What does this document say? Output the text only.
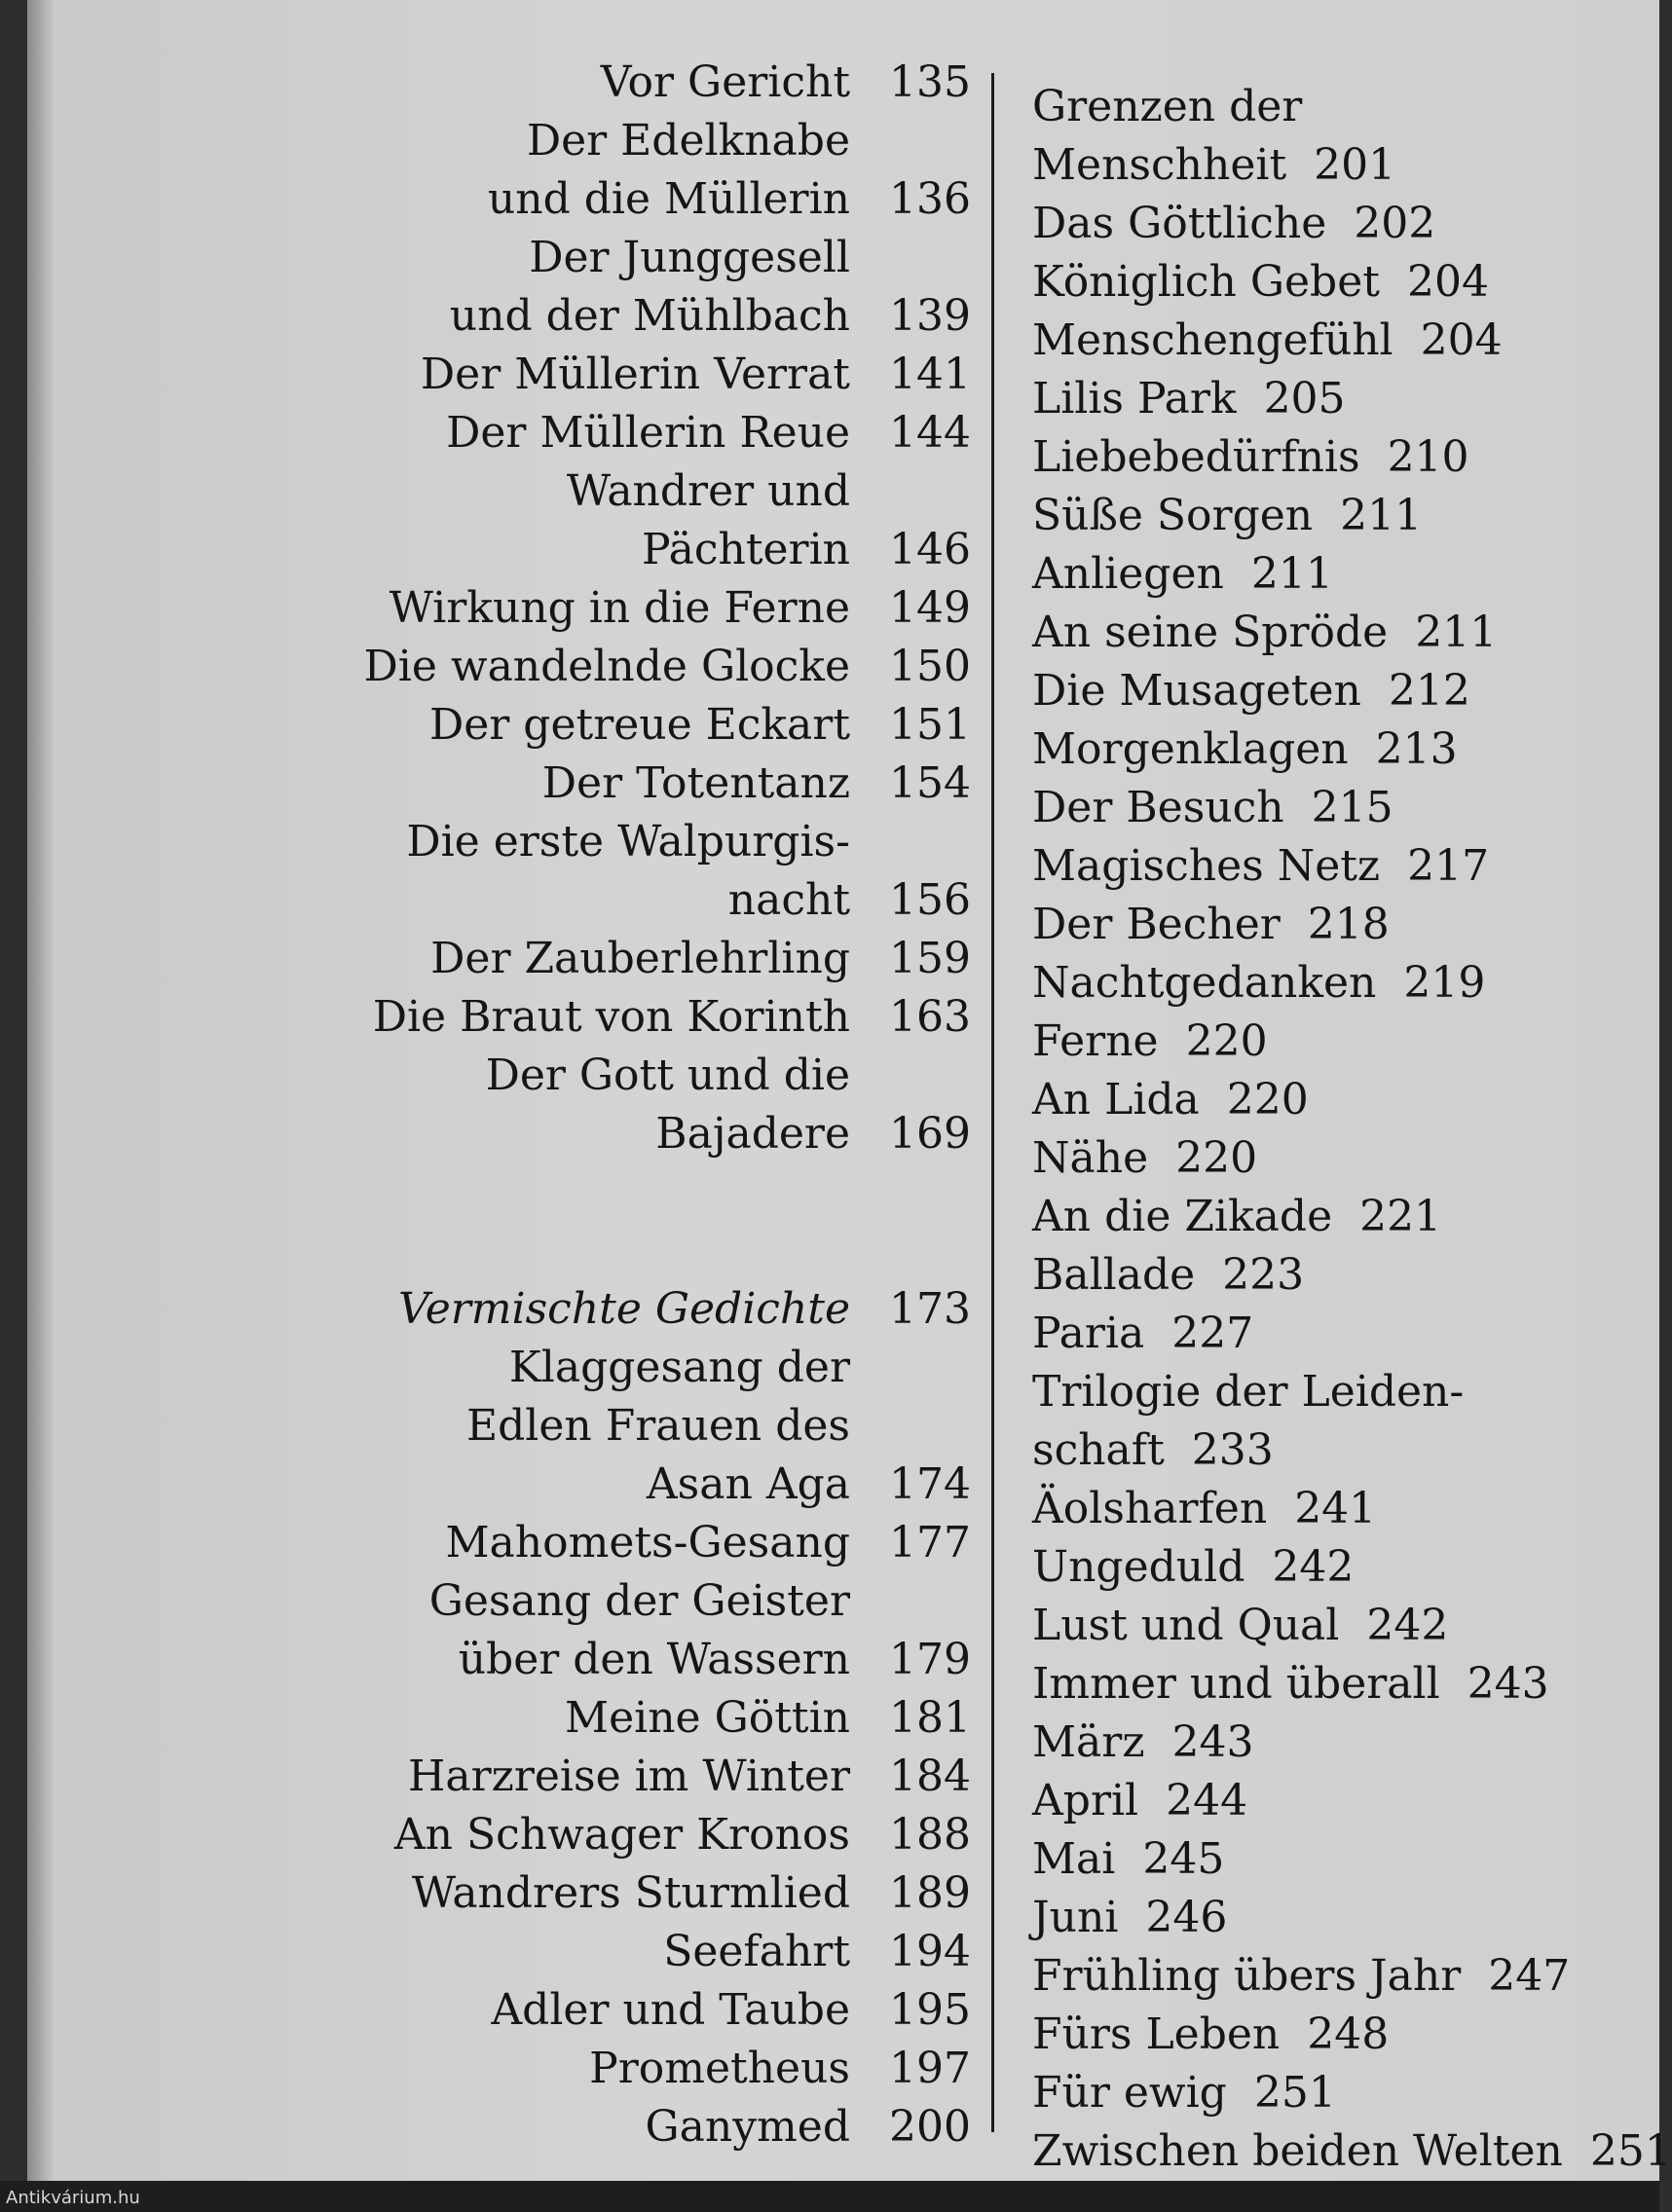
Vor Gericht 135
Der Edelknabe
und die Müllerin 136
Der Junggesell
und der Mühlbach 139
Der Müllerin Verrat 141
Der Müllerin Reue 144
Wandrer und
Pächterin 146
Wirkung in die Ferne 149
Die wandelnde Glocke 150
Der getreue Eckart 151
Der Totentanz 154
Die erste Walpurgis-
nacht 156
Der Zauberlehrling 159
Die Braut von Korinth 163
Der Gott und die
Bajadere 169
Vermischte Gedichte 173
Klaggesang der
Edlen Frauen des
Asan Aga 174
Mahomets-Gesang 177
Gesang der Geister
über den Wassern 179
Meine Göttin 181
Harzreise im Winter 184
An Schwager Kronos 188
Wandrers Sturmlied 189
Seefahrt 194
Adler und Taube 195
Prometheus 197
Ganymed 200
Grenzen der
Menschheit 201
Das Göttliche 202
Königlich Gebet 204
Menschengefühl 204
Lilis Park 205
Liebebedürfnis 210
Süße Sorgen 211
Anliegen 211
An seine Spröde 211
Die Musageten 212
Morgenklagen 213
Der Besuch 215
Magisches Netz 217
Der Becher 218
Nachtgedanken 219
Ferne 220
An Lida 220
Nähe 220
An die Zikade 221
Ballade 223
Paria 227
Trilogie der Leiden-
schaft 233
Äolsharfen 241
Ungeduld 242
Lust und Qual 242
Immer und überall 243
März 243
April 244
Mai 245
Juni 246
Frühling übers Jahr 247
Fürs Leben 248
Für ewig 251
Zwischen beiden Welten 251
Antikvárium.hu
